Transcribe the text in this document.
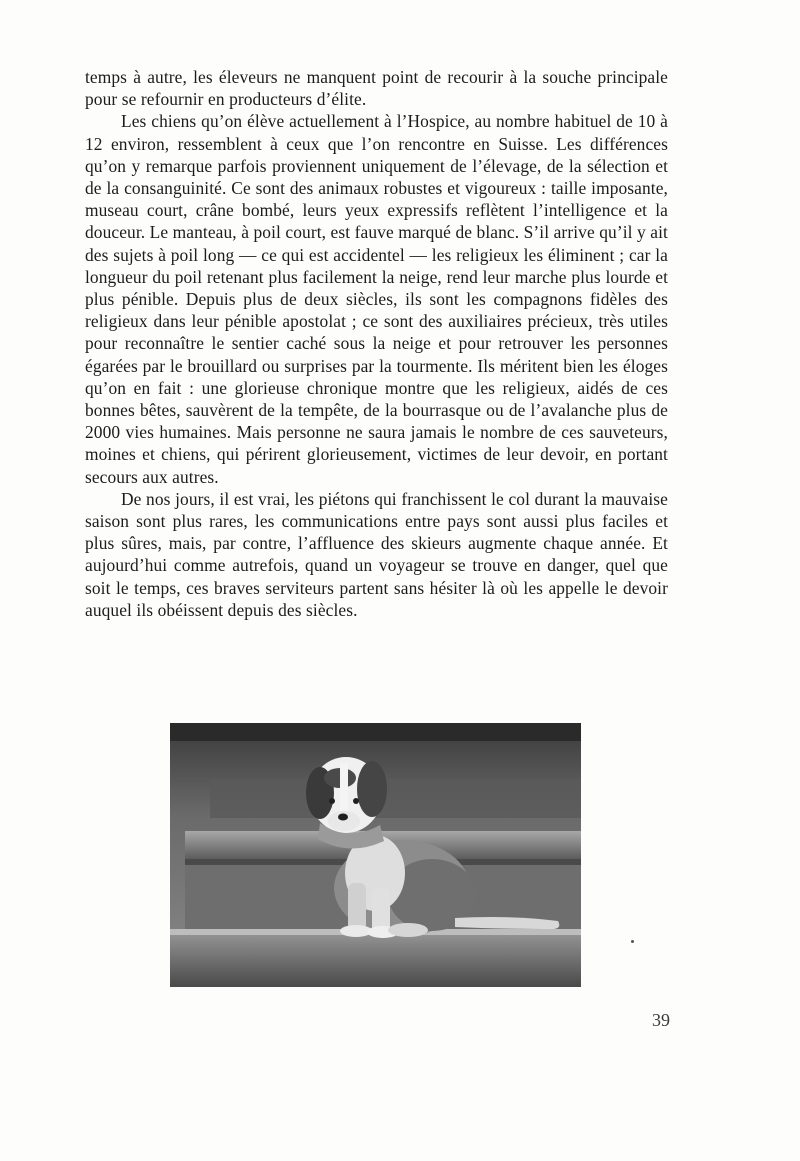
temps à autre, les éleveurs ne manquent point de recourir à la souche principale pour se refournir en producteurs d’élite.

Les chiens qu’on élève actuellement à l’Hospice, au nombre habituel de 10 à 12 environ, ressemblent à ceux que l’on rencontre en Suisse. Les différences qu’on y remarque parfois proviennent uniquement de l’élevage, de la sélection et de la consanguinité. Ce sont des animaux robustes et vigoureux : taille imposante, museau court, crâne bombé, leurs yeux expressifs reflètent l’intelligence et la douceur. Le manteau, à poil court, est fauve marqué de blanc. S’il arrive qu’il y ait des sujets à poil long — ce qui est accidentel — les religieux les éliminent ; car la longueur du poil retenant plus facilement la neige, rend leur marche plus lourde et plus pénible. Depuis plus de deux siècles, ils sont les compagnons fidèles des religieux dans leur pénible apostolat ; ce sont des auxiliaires précieux, très utiles pour reconnaître le sentier caché sous la neige et pour retrouver les personnes égarées par le brouillard ou surprises par la tourmente. Ils méritent bien les éloges qu’on en fait : une glorieuse chronique montre que les religieux, aidés de ces bonnes bêtes, sauvèrent de la tempête, de la bourrasque ou de l’avalanche plus de 2000 vies humaines. Mais personne ne saura jamais le nombre de ces sauveteurs, moines et chiens, qui périrent glorieusement, victimes de leur devoir, en portant secours aux autres.

De nos jours, il est vrai, les piétons qui franchissent le col durant la mauvaise saison sont plus rares, les communications entre pays sont aussi plus faciles et plus sûres, mais, par contre, l’affluence des skieurs augmente chaque année. Et aujourd’hui comme autrefois, quand un voyageur se trouve en danger, quel que soit le temps, ces braves serviteurs partent sans hésiter là où les appelle le devoir auquel ils obéissent depuis des siècles.

39
